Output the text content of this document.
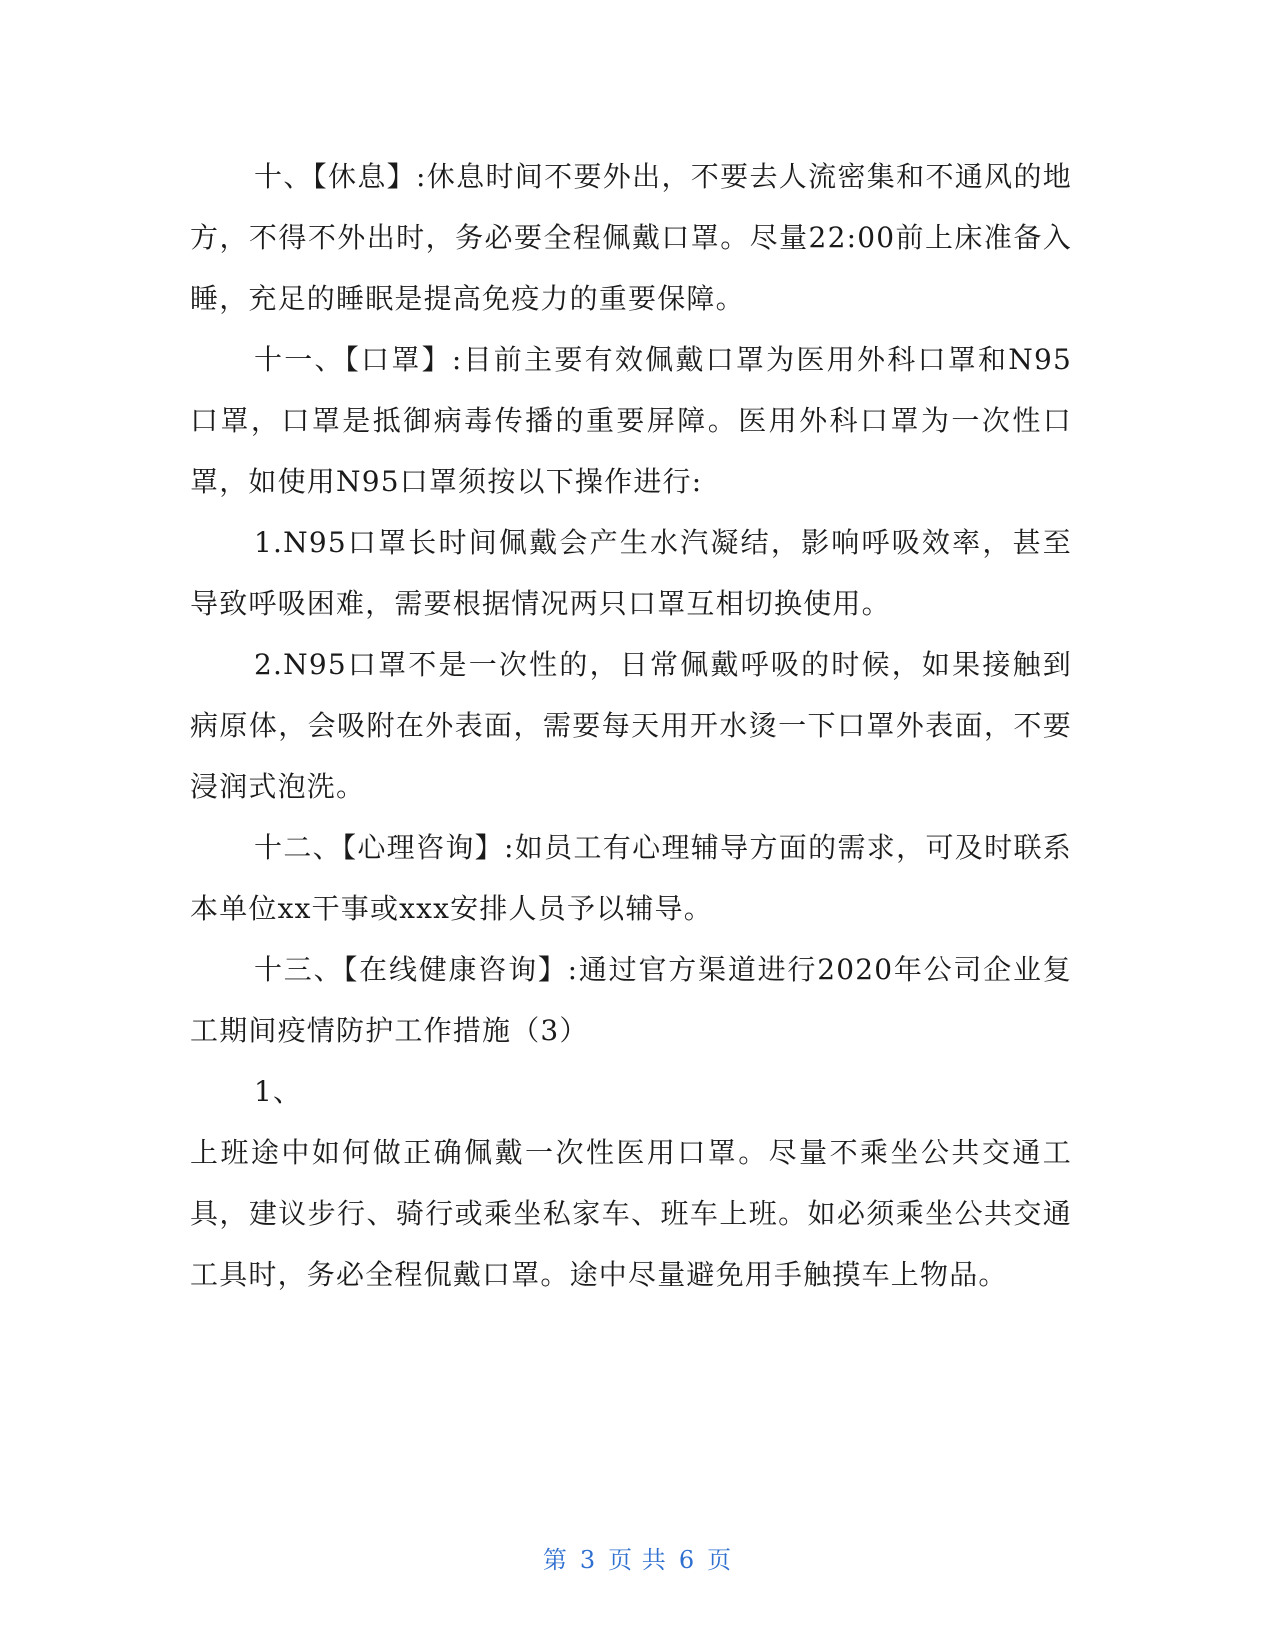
十、【休息】:休息时间不要外出，不要去人流密集和不通风的地方，不得不外出时，务必要全程佩戴口罩。尽量22:00前上床准备入睡，充足的睡眠是提高免疫力的重要保障。

十一、【口罩】:目前主要有效佩戴口罩为医用外科口罩和N95口罩，口罩是抵御病毒传播的重要屏障。医用外科口罩为一次性口罩，如使用N95口罩须按以下操作进行:

1.N95口罩长时间佩戴会产生水汽凝结，影响呼吸效率，甚至导致呼吸困难，需要根据情况两只口罩互相切换使用。

2.N95口罩不是一次性的，日常佩戴呼吸的时候，如果接触到病原体，会吸附在外表面，需要每天用开水烫一下口罩外表面，不要浸润式泡洗。

十二、【心理咨询】:如员工有心理辅导方面的需求，可及时联系本单位xx干事或xxx安排人员予以辅导。

十三、【在线健康咨询】:通过官方渠道进行2020年公司企业复工期间疫情防护工作措施（3）

1、

上班途中如何做正确佩戴一次性医用口罩。尽量不乘坐公共交通工具，建议步行、骑行或乘坐私家车、班车上班。如必须乘坐公共交通工具时，务必全程侃戴口罩。途中尽量避免用手触摸车上物品。

第 3 页 共 6 页
